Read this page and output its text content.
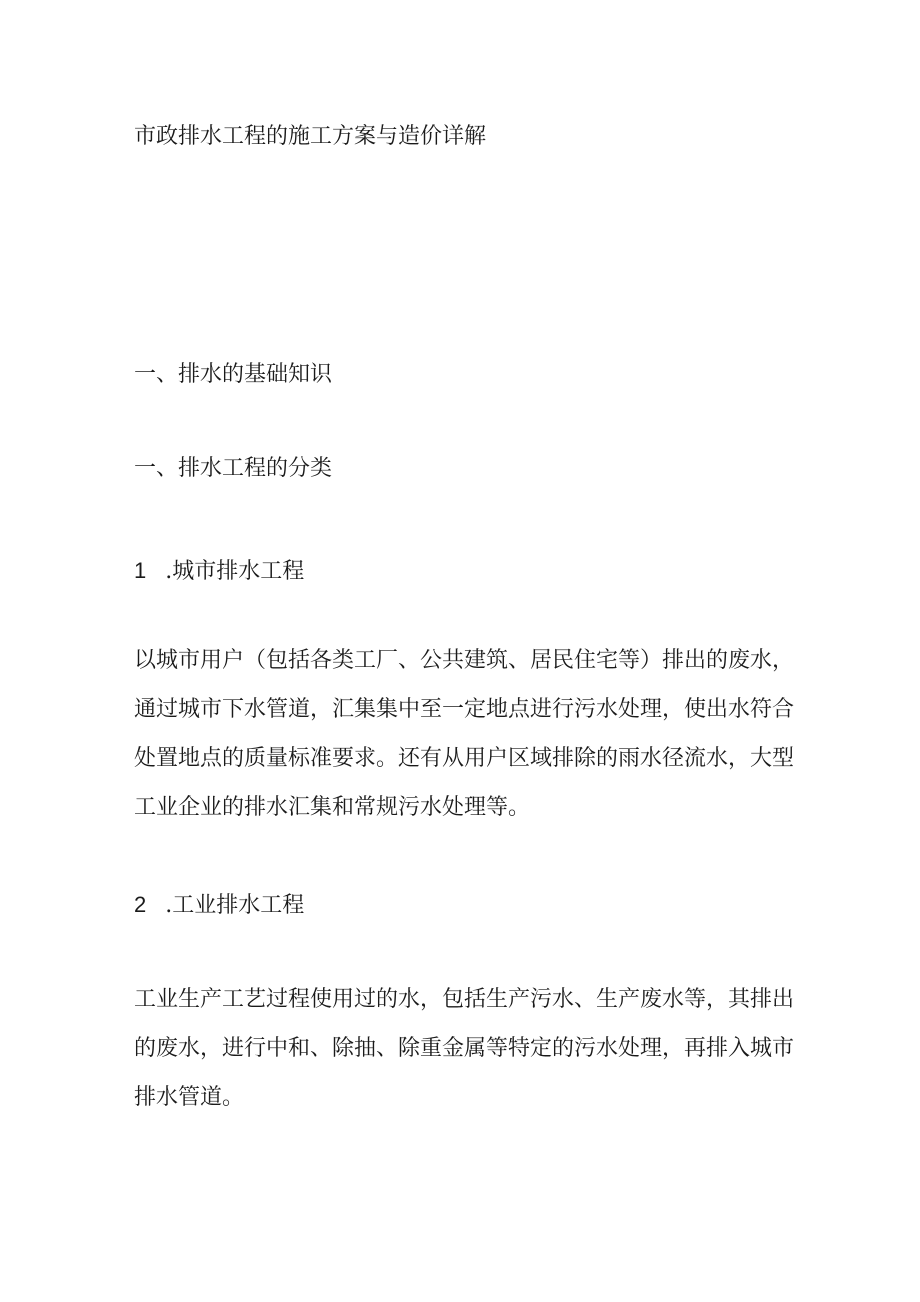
市政排水工程的施工方案与造价详解
一、排水的基础知识
一、排水工程的分类
1 .城市排水工程

以城市用户（包括各类工厂、公共建筑、居民住宅等）排出的废水，
通过城市下水管道，汇集集中至一定地点进行污水处理，使出水符合
处置地点的质量标准要求。还有从用户区域排除的雨水径流水，大型
工业企业的排水汇集和常规污水处理等。

2 .工业排水工程

工业生产工艺过程使用过的水，包括生产污水、生产废水等，其排出
的废水，进行中和、除抽、除重金属等特定的污水处理，再排入城市
排水管道。
